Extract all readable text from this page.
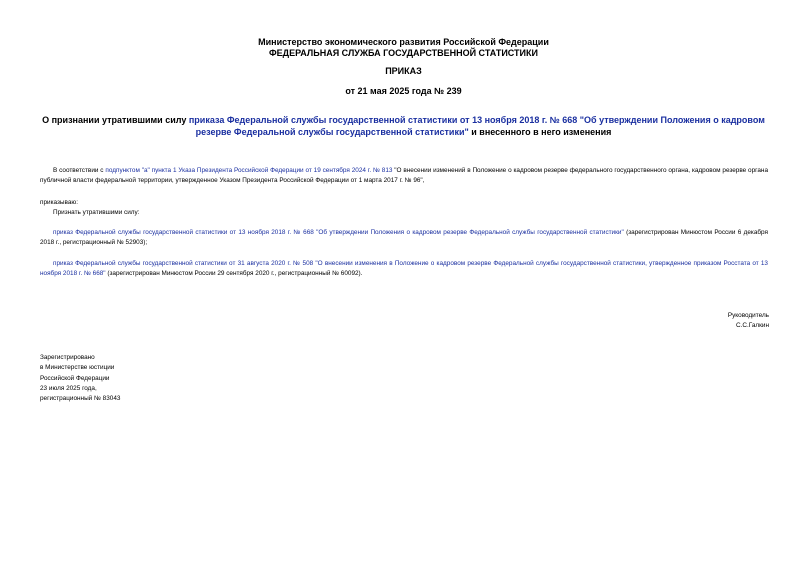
Министерство экономического развития Российской Федерации
ФЕДЕРАЛЬНАЯ СЛУЖБА ГОСУДАРСТВЕННОЙ СТАТИСТИКИ
ПРИКАЗ
от 21 мая 2025 года № 239
О признании утратившими силу приказа Федеральной службы государственной статистики от 13 ноября 2018 г. № 668 "Об утверждении Положения о кадровом резерве Федеральной службы государственной статистики" и внесенного в него изменения
В соответствии с подпунктом "а" пункта 1 Указа Президента Российской Федерации от 19 сентября 2024 г. № 813 "О внесении изменений в Положение о кадровом резерве федерального государственного органа, кадровом резерве органа публичной власти федеральной территории, утвержденное Указом Президента Российской Федерации от 1 марта 2017 г. № 96",
приказываю:
Признать утратившими силу:
приказ Федеральной службы государственной статистики от 13 ноября 2018 г. № 668 "Об утверждении Положения о кадровом резерве Федеральной службы государственной статистики" (зарегистрирован Минюстом России 6 декабря 2018 г., регистрационный № 52903);
приказ Федеральной службы государственной статистики от 31 августа 2020 г. № 508 "О внесении изменения в Положение о кадровом резерве Федеральной службы государственной статистики, утвержденное приказом Росстата от 13 ноября 2018 г. № 668" (зарегистрирован Минюстом России 29 сентября 2020 г., регистрационный № 60092).
Руководитель
С.С.Галкин
Зарегистрировано
в Министерстве юстиции
Российской Федерации
23 июля 2025 года,
регистрационный № 83043
